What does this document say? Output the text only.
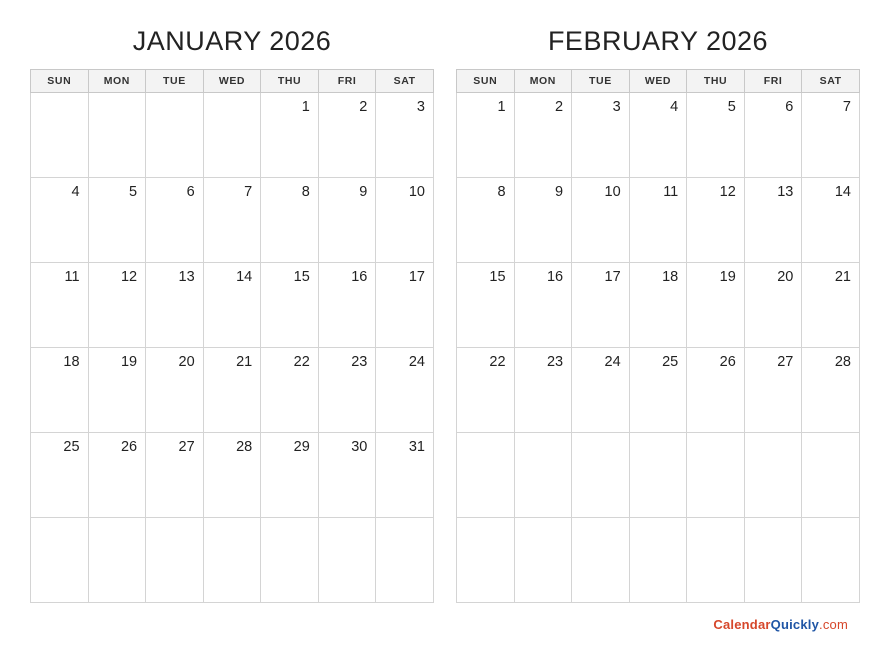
JANUARY 2026
SUN	MON	TUE	WED	THU	FRI	SAT
				1	2	3
4	5	6	7	8	9	10
11	12	13	14	15	16	17
18	19	20	21	22	23	24
25	26	27	28	29	30	31

FEBRUARY 2026
SUN	MON	TUE	WED	THU	FRI	SAT
1	2	3	4	5	6	7
8	9	10	11	12	13	14
15	16	17	18	19	20	21
22	23	24	25	26	27	28

CalendarQuickly.com
